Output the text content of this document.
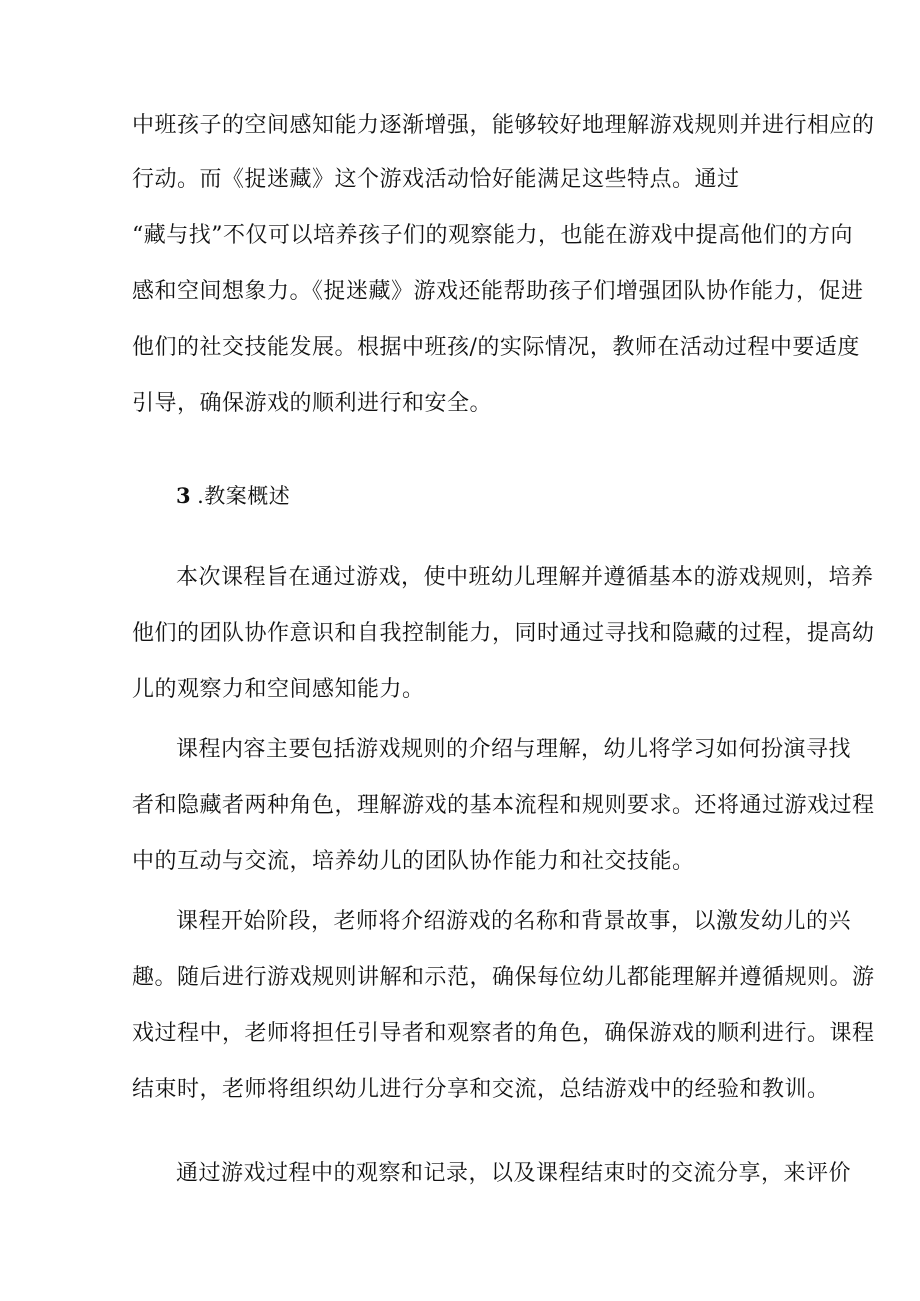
中班孩子的空间感知能力逐渐增强，能够较好地理解游戏规则并进行相应的
行动。而《捉迷藏》这个游戏活动恰好能满足这些特点。通过
“藏与找”不仅可以培养孩子们的观察能力，也能在游戏中提高他们的方向
感和空间想象力。《捉迷藏》游戏还能帮助孩子们增强团队协作能力，促进
他们的社交技能发展。根据中班孩/的实际情况，教师在活动过程中要适度
引导，确保游戏的顺利进行和安全。
3 .教案概述
本次课程旨在通过游戏，使中班幼儿理解并遵循基本的游戏规则，培养
他们的团队协作意识和自我控制能力，同时通过寻找和隐藏的过程，提高幼
儿的观察力和空间感知能力。
课程内容主要包括游戏规则的介绍与理解，幼儿将学习如何扮演寻找
者和隐藏者两种角色，理解游戏的基本流程和规则要求。还将通过游戏过程
中的互动与交流，培养幼儿的团队协作能力和社交技能。
课程开始阶段，老师将介绍游戏的名称和背景故事，以激发幼儿的兴
趣。随后进行游戏规则讲解和示范，确保每位幼儿都能理解并遵循规则。游
戏过程中，老师将担任引导者和观察者的角色，确保游戏的顺利进行。课程
结束时，老师将组织幼儿进行分享和交流，总结游戏中的经验和教训。
通过游戏过程中的观察和记录，以及课程结束时的交流分享，来评价
